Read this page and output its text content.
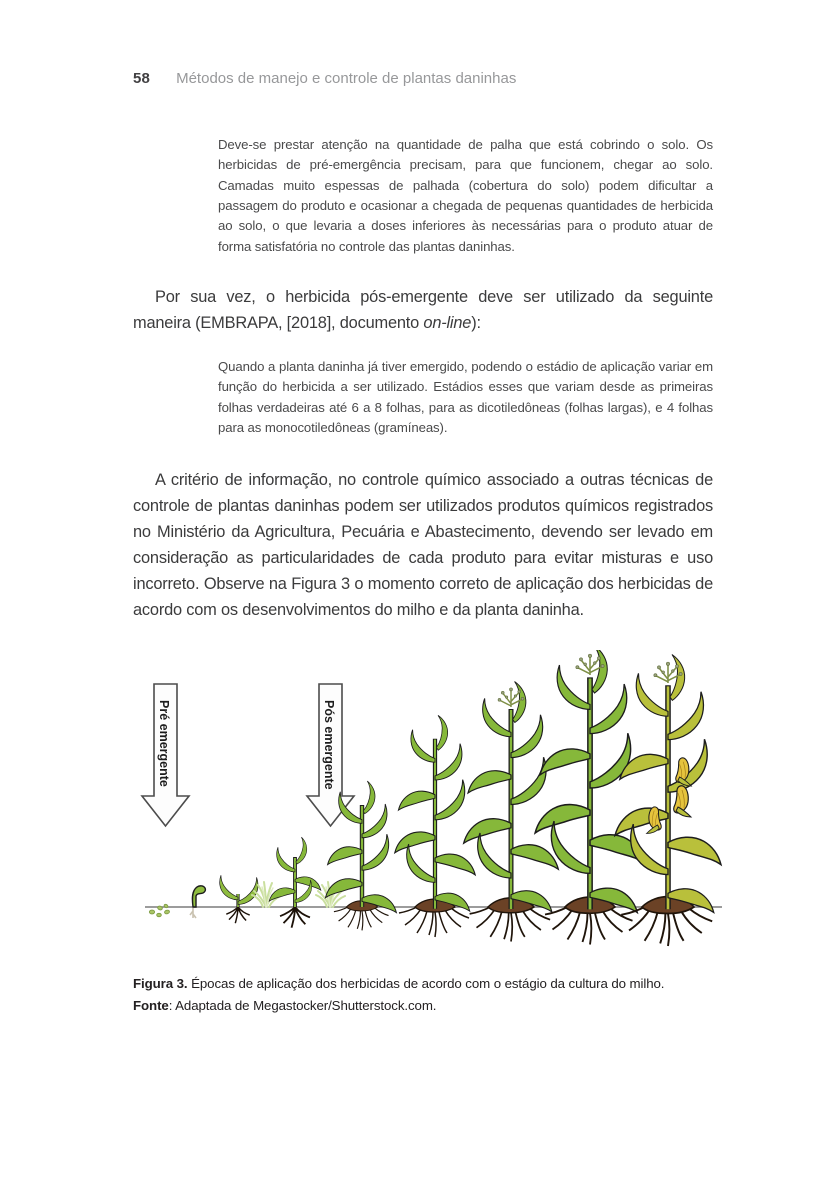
58 Métodos de manejo e controle de plantas daninhas

Deve-se prestar atenção na quantidade de palha que está cobrindo o solo. Os herbicidas de pré-emergência precisam, para que funcionem, chegar ao solo. Camadas muito espessas de palhada (cobertura do solo) podem dificultar a passagem do produto e ocasionar a chegada de pequenas quantidades de herbicida ao solo, o que levaria a doses inferiores às necessárias para o produto atuar de forma satisfatória no controle das plantas daninhas.

Por sua vez, o herbicida pós-emergente deve ser utilizado da seguinte maneira (EMBRAPA, [2018], documento on-line):

Quando a planta daninha já tiver emergido, podendo o estádio de aplicação variar em função do herbicida a ser utilizado. Estádios esses que variam desde as primeiras folhas verdadeiras até 6 a 8 folhas, para as dicotiledôneas (folhas largas), e 4 folhas para as monocotiledôneas (gramíneas).

A critério de informação, no controle químico associado a outras técnicas de controle de plantas daninhas podem ser utilizados produtos químicos registrados no Ministério da Agricultura, Pecuária e Abastecimento, devendo ser levado em consideração as particularidades de cada produto para evitar misturas e uso incorreto. Observe na Figura 3 o momento correto de aplicação dos herbicidas de acordo com os desenvolvimentos do milho e da planta daninha.

Pré emergente	Pós emergente

Figura 3. Épocas de aplicação dos herbicidas de acordo com o estágio da cultura do milho.

Fonte: Adaptada de Megastocker/Shutterstock.com.
